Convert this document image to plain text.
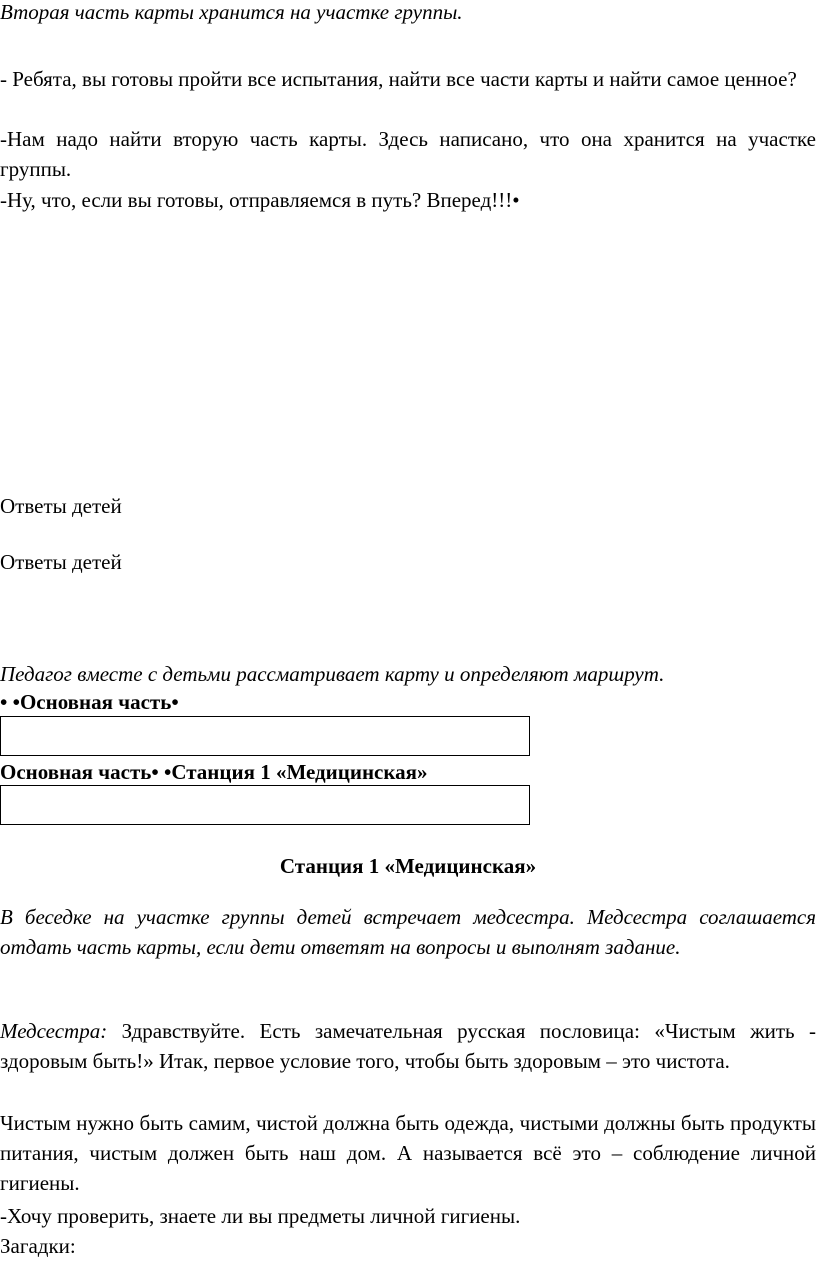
Вторая часть карты хранится на участке группы.
- Ребята, вы готовы пройти все испытания, найти все части карты и найти самое ценное?
-Нам надо найти вторую часть карты. Здесь написано, что она хранится на участке группы.
-Ну, что, если вы готовы, отправляемся в путь? Вперед!!!•
Ответы детей
Ответы детей
Педагог вместе с детьми рассматривает карту и определяют маршрут.
• •Основная часть•
Основная часть• •Станция 1 «Медицинская»
Станция 1 «Медицинская»
В беседке на участке группы детей встречает медсестра. Медсестра соглашается отдать часть карты, если дети ответят на вопросы и выполнят задание.
Медсестра: Здравствуйте. Есть замечательная русская пословица: «Чистым жить - здоровым быть!» Итак, первое условие того, чтобы быть здоровым – это чистота.
Чистым нужно быть самим, чистой должна быть одежда, чистыми должны быть продукты питания, чистым должен быть наш дом. А называется всё это – соблюдение личной гигиены.
-Хочу проверить, знаете ли вы предметы личной гигиены.
Загадки:
